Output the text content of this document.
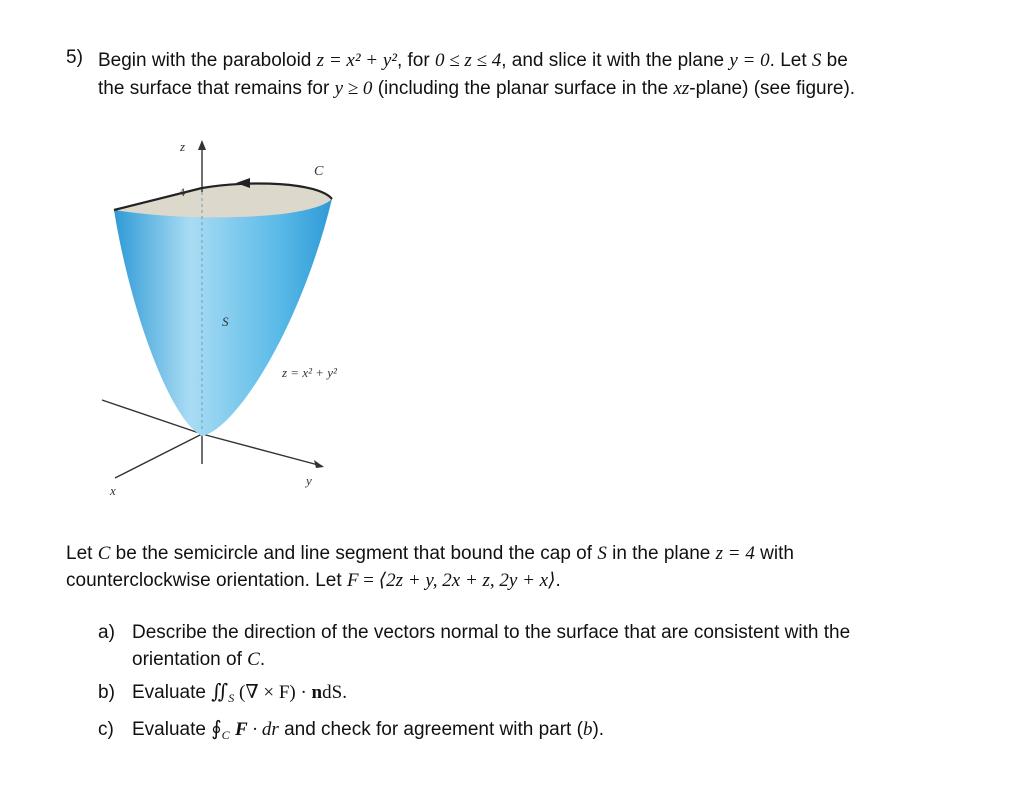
5) Begin with the paraboloid z = x² + y², for 0 ≤ z ≤ 4, and slice it with the plane y = 0. Let S be
the surface that remains for y ≥ 0 (including the planar surface in the xz-plane) (see figure).
z
4
C
S
z = x² + y²
y
x
Let C be the semicircle and line segment that bound the cap of S in the plane z = 4 with
counterclockwise orientation. Let F = ⟨2z + y, 2x + z, 2y + x⟩.
a) Describe the direction of the vectors normal to the surface that are consistent with the
orientation of C.
b) Evaluate $∬_S$ (∇ × F) · ndS.
c) Evaluate $∮_C$ F · dr and check for agreement with part (b).
